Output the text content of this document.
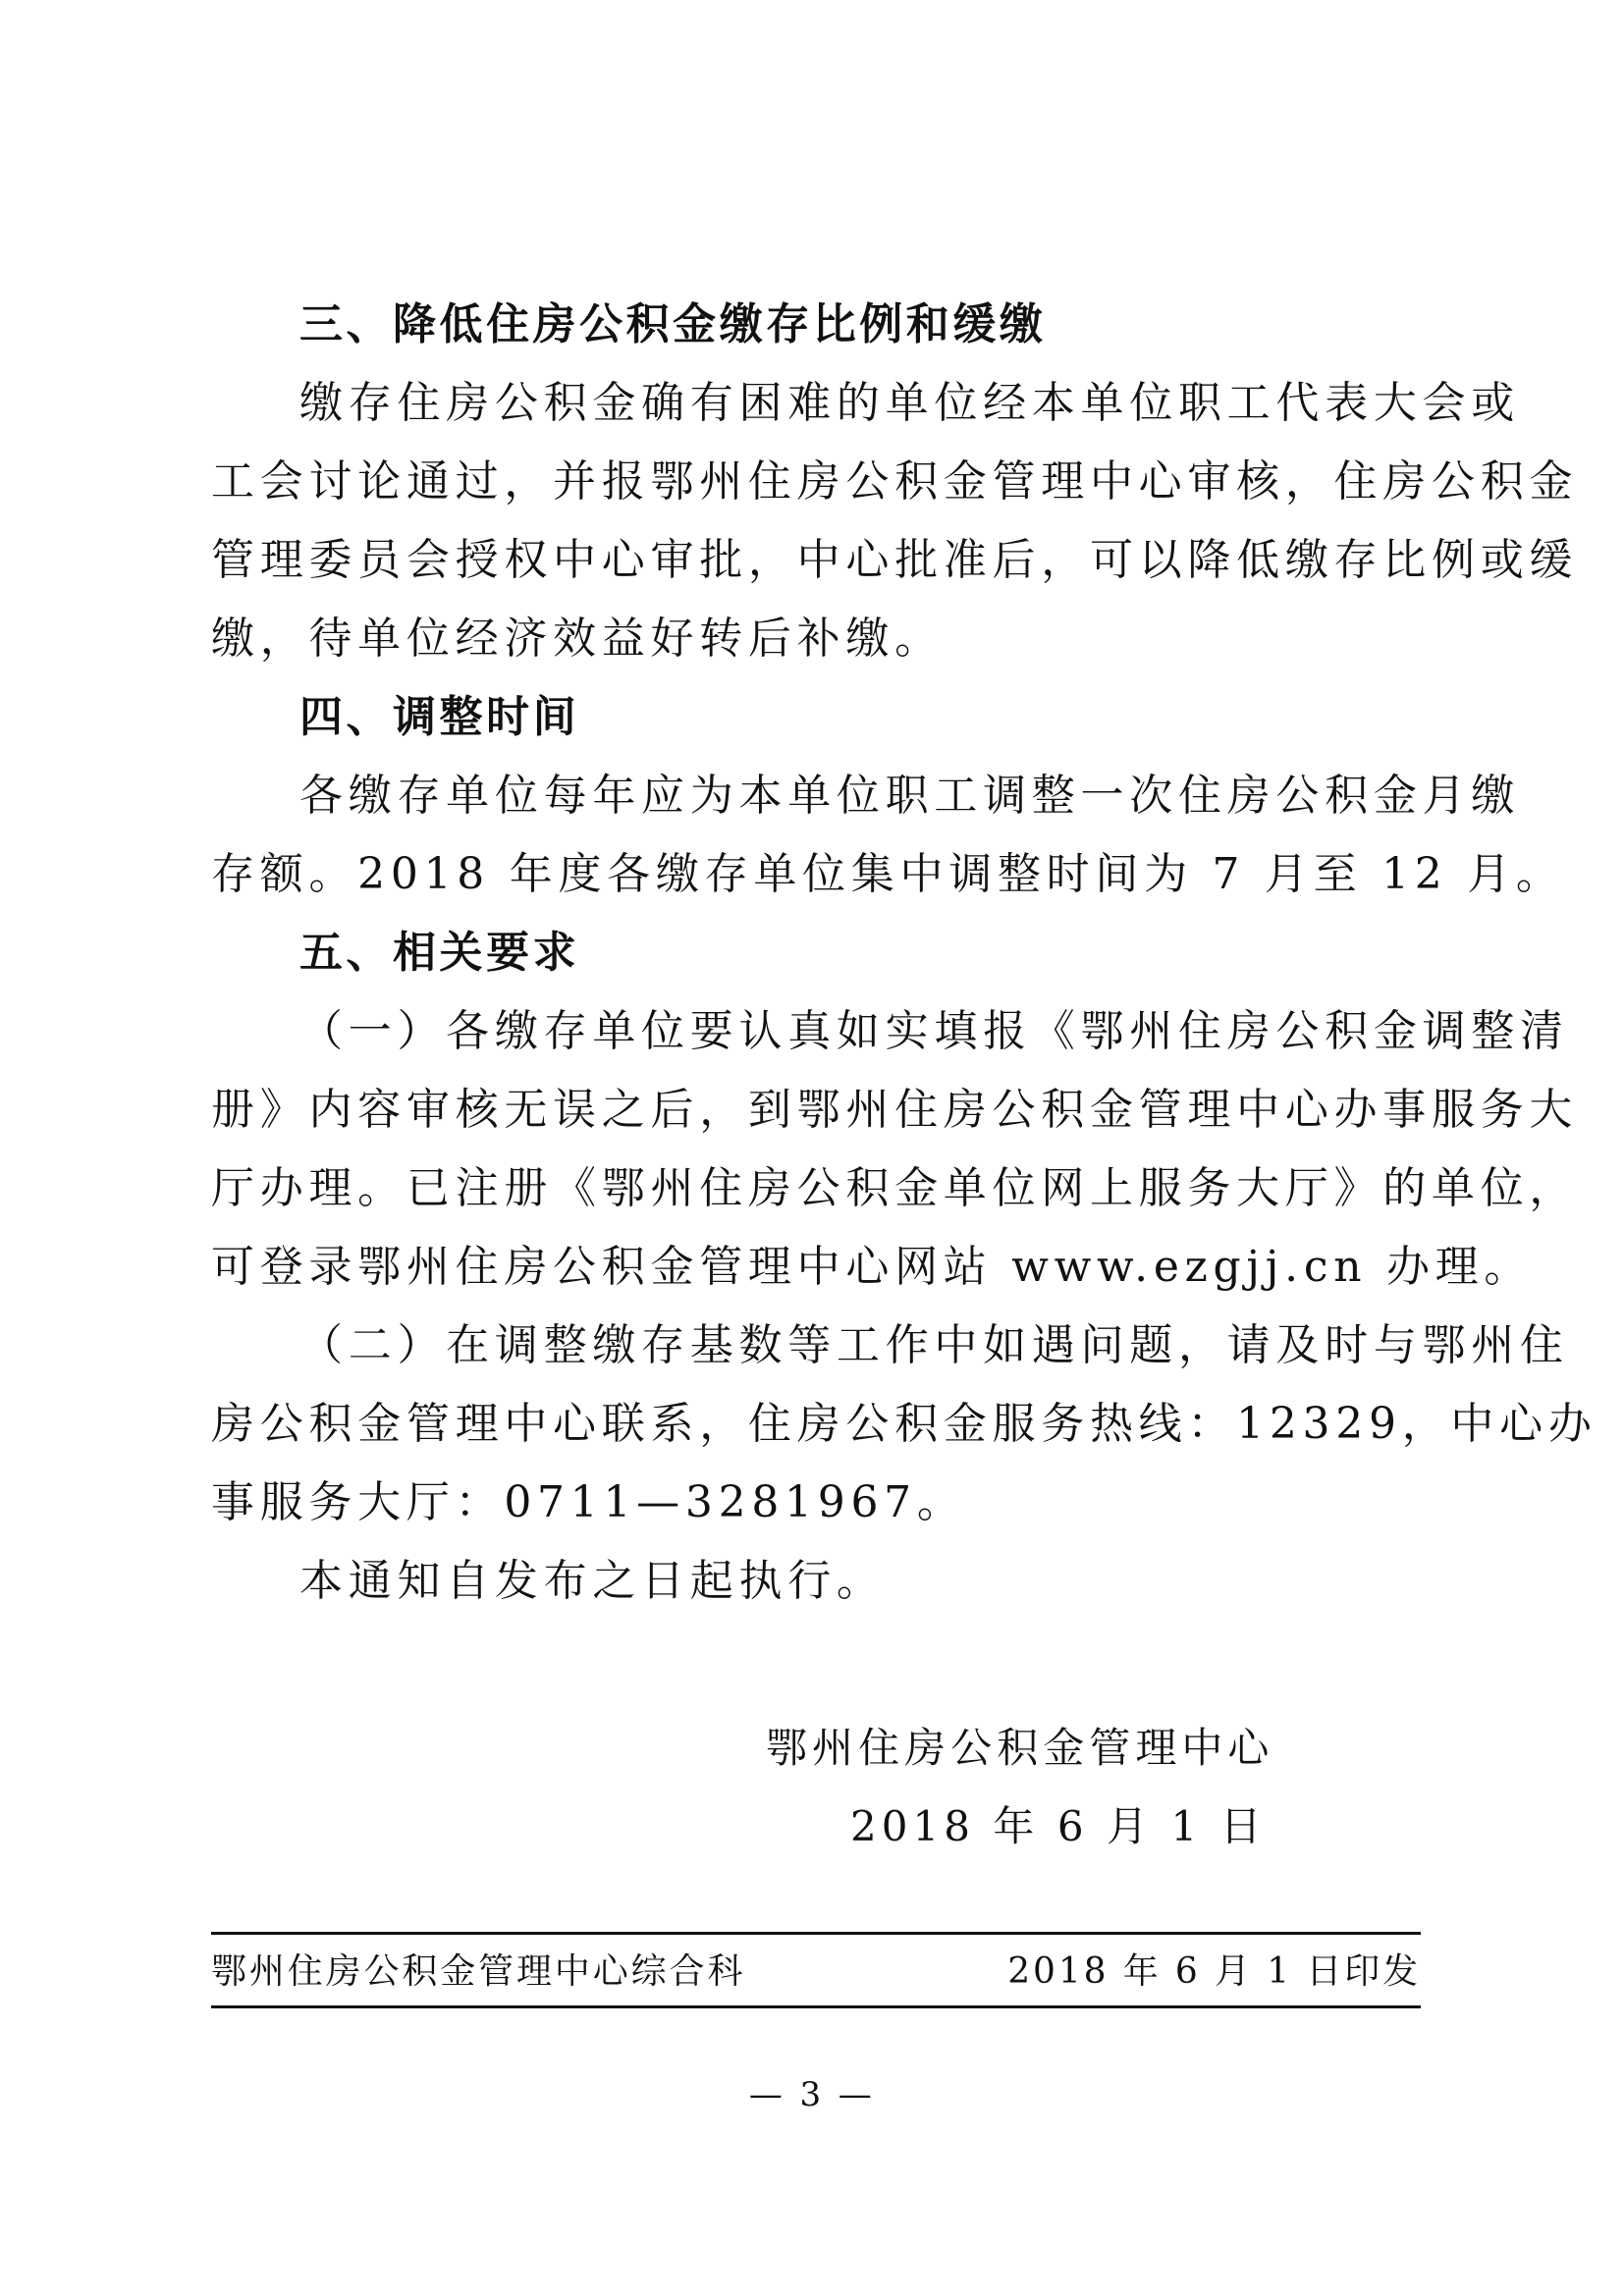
三、降低住房公积金缴存比例和缓缴
缴存住房公积金确有困难的单位经本单位职工代表大会或
工会讨论通过，并报鄂州住房公积金管理中心审核，住房公积金
管理委员会授权中心审批，中心批准后，可以降低缴存比例或缓
缴，待单位经济效益好转后补缴。
四、调整时间
各缴存单位每年应为本单位职工调整一次住房公积金月缴
存额。2018 年度各缴存单位集中调整时间为 7 月至 12 月。
五、相关要求
（一）各缴存单位要认真如实填报《鄂州住房公积金调整清
册》内容审核无误之后，到鄂州住房公积金管理中心办事服务大
厅办理。已注册《鄂州住房公积金单位网上服务大厅》的单位，
可登录鄂州住房公积金管理中心网站 www.ezgjj.cn 办理。
（二）在调整缴存基数等工作中如遇问题，请及时与鄂州住
房公积金管理中心联系，住房公积金服务热线：12329，中心办
事服务大厅：0711—3281967。
本通知自发布之日起执行。
鄂州住房公积金管理中心
2018 年 6 月 1 日
鄂州住房公积金管理中心综合科	2018 年 6 月 1 日印发
— 3 —
